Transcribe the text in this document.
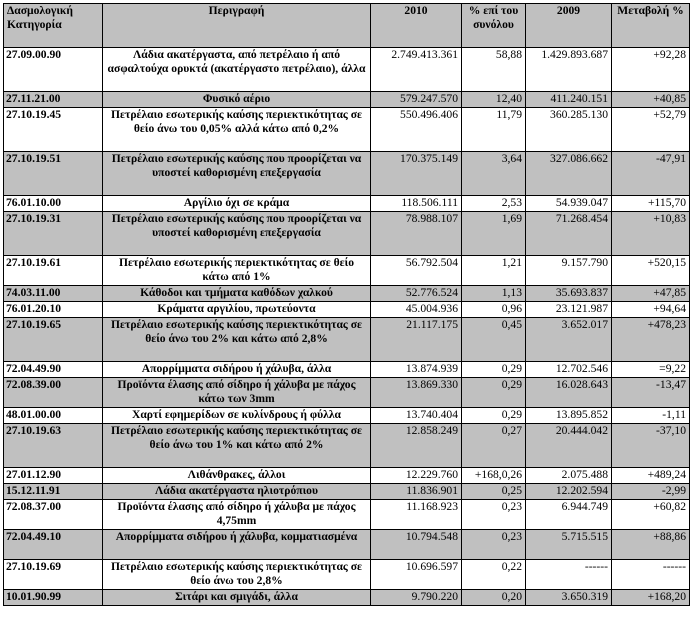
Δασμολογική Κατηγορία	Περιγραφή	2010	% επί του συνόλου	2009	Μεταβολή %
27.09.00.90	Λάδια ακατέργαστα, από πετρέλαιο ή από ασφαλτούχα ορυκτά (ακατέργαστο πετρέλαιο), άλλα	2.749.413.361	58,88	1.429.893.687	+92,28
27.11.21.00	Φυσικό αέριο	579.247.570	12,40	411.240.151	+40,85
27.10.19.45	Πετρέλαιο εσωτερικής καύσης περιεκτικότητας σε θείο άνω του 0,05% αλλά κάτω από 0,2%	550.496.406	11,79	360.285.130	+52,79
27.10.19.51	Πετρέλαιο εσωτερικής καύσης που προορίζεται να υποστεί καθορισμένη επεξεργασία	170.375.149	3,64	327.086.662	-47,91
76.01.10.00	Αργίλιο όχι σε κράμα	118.506.111	2,53	54.939.047	+115,70
27.10.19.31	Πετρέλαιο εσωτερικής καύσης που προορίζεται να υποστεί καθορισμένη επεξεργασία	78.988.107	1,69	71.268.454	+10,83
27.10.19.61	Πετρέλαιο εσωτερικής περιεκτικότητας σε θείο κάτω από 1%	56.792.504	1,21	9.157.790	+520,15
74.03.11.00	Κάθοδοι και τμήματα καθόδων χαλκού	52.776.524	1,13	35.693.837	+47,85
76.01.20.10	Κράματα αργιλίου, πρωτεύοντα	45.004.936	0,96	23.121.987	+94,64
27.10.19.65	Πετρέλαιο εσωτερικής καύσης περιεκτικότητας σε θείο άνω του 2% και κάτω από 2,8%	21.117.175	0,45	3.652.017	+478,23
72.04.49.90	Απορρίμματα σιδήρου ή χάλυβα, άλλα	13.874.939	0,29	12.702.546	=9,22
72.08.39.00	Προϊόντα έλασης από σίδηρο ή χάλυβα με πάχος κάτω των 3mm	13.869.330	0,29	16.028.643	-13,47
48.01.00.00	Χαρτί εφημερίδων σε κυλίνδρους ή φύλλα	13.740.404	0,29	13.895.852	-1,11
27.10.19.63	Πετρέλαιο εσωτερικής καύσης περιεκτικότητας σε θείο άνω του 1% και κάτω από 2%	12.858.249	0,27	20.444.042	-37,10
27.01.12.90	Λιθάνθρακες, άλλοι	12.229.760	+168,0,26	2.075.488	+489,24
15.12.11.91	Λάδια ακατέργαστα ηλιοτρόπιου	11.836.901	0,25	12.202.594	-2,99
72.08.37.00	Προϊόντα έλασης από σίδηρο ή χάλυβα με πάχος 4,75mm	11.168.923	0,23	6.944.749	+60,82
72.04.49.10	Απορρίμματα σιδήρου ή χάλυβα, κομματιασμένα	10.794.548	0,23	5.715.515	+88,86
27.10.19.69	Πετρέλαιο εσωτερικής καύσης περιεκτικότητας σε θείο άνω του 2,8%	10.696.597	0,22	------	------
10.01.90.99	Σιτάρι και σμιγάδι, άλλα	9.790.220	0,20	3.650.319	+168,20
